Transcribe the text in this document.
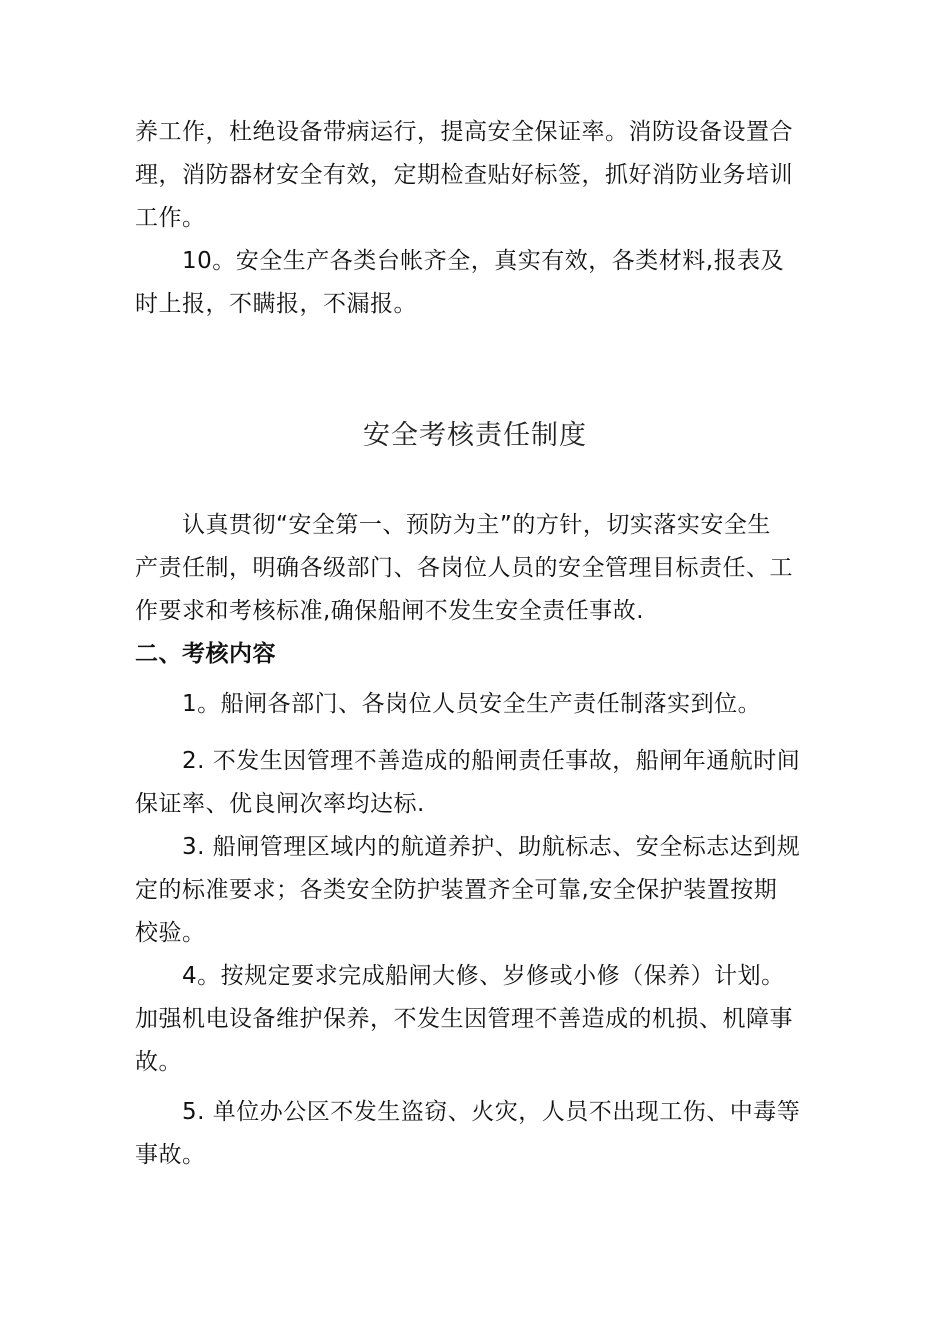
养工作，杜绝设备带病运行，提高安全保证率。消防设备设置合
理，消防器材安全有效，定期检查贴好标签，抓好消防业务培训
工作。
10。安全生产各类台帐齐全，真实有效，各类材料,报表及
时上报，不瞒报，不漏报。
安全考核责任制度
认真贯彻“安全第一、预防为主”的方针，切实落实安全生
产责任制，明确各级部门、各岗位人员的安全管理目标责任、工
作要求和考核标准,确保船闸不发生安全责任事故.
二、考核内容
1。船闸各部门、各岗位人员安全生产责任制落实到位。
2. 不发生因管理不善造成的船闸责任事故，船闸年通航时间
保证率、优良闸次率均达标.
3. 船闸管理区域内的航道养护、助航标志、安全标志达到规
定的标准要求；各类安全防护装置齐全可靠,安全保护装置按期
校验。
4。按规定要求完成船闸大修、岁修或小修（保养）计划。
加强机电设备维护保养，不发生因管理不善造成的机损、机障事
故。
5. 单位办公区不发生盗窃、火灾，人员不出现工伤、中毒等
事故。
